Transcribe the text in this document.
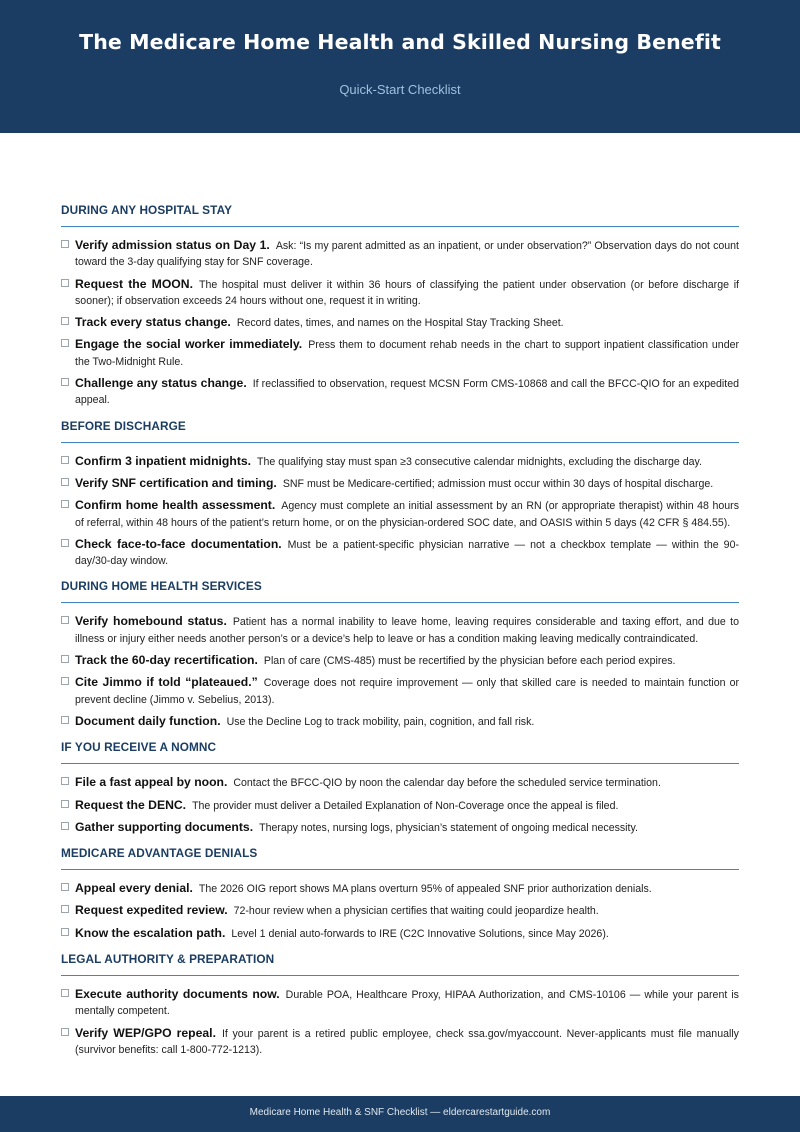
The Medicare Home Health and Skilled Nursing Benefit
Quick-Start Checklist
DURING ANY HOSPITAL STAY
Verify admission status on Day 1. Ask: “Is my parent admitted as an inpatient, or under observation?” Observation days do not count toward the 3-day qualifying stay for SNF coverage.
Request the MOON. The hospital must deliver it within 36 hours of classifying the patient under observation (or before discharge if sooner); if observation exceeds 24 hours without one, request it in writing.
Track every status change. Record dates, times, and names on the Hospital Stay Tracking Sheet.
Engage the social worker immediately. Press them to document rehab needs in the chart to support inpatient classification under the Two-Midnight Rule.
Challenge any status change. If reclassified to observation, request MCSN Form CMS-10868 and call the BFCC-QIO for an expedited appeal.
BEFORE DISCHARGE
Confirm 3 inpatient midnights. The qualifying stay must span ≥3 consecutive calendar midnights, excluding the discharge day.
Verify SNF certification and timing. SNF must be Medicare-certified; admission must occur within 30 days of hospital discharge.
Confirm home health assessment. Agency must complete an initial assessment by an RN (or appropriate therapist) within 48 hours of referral, within 48 hours of the patient’s return home, or on the physician-ordered SOC date, and OASIS within 5 days (42 CFR § 484.55).
Check face-to-face documentation. Must be a patient-specific physician narrative — not a checkbox template — within the 90-day/30-day window.
DURING HOME HEALTH SERVICES
Verify homebound status. Patient has a normal inability to leave home, leaving requires considerable and taxing effort, and due to illness or injury either needs another person’s or a device’s help to leave or has a condition making leaving medically contraindicated.
Track the 60-day recertification. Plan of care (CMS-485) must be recertified by the physician before each period expires.
Cite Jimmo if told “plateaued.” Coverage does not require improvement — only that skilled care is needed to maintain function or prevent decline (Jimmo v. Sebelius, 2013).
Document daily function. Use the Decline Log to track mobility, pain, cognition, and fall risk.
IF YOU RECEIVE A NOMNC
File a fast appeal by noon. Contact the BFCC-QIO by noon the calendar day before the scheduled service termination.
Request the DENC. The provider must deliver a Detailed Explanation of Non-Coverage once the appeal is filed.
Gather supporting documents. Therapy notes, nursing logs, physician’s statement of ongoing medical necessity.
MEDICARE ADVANTAGE DENIALS
Appeal every denial. The 2026 OIG report shows MA plans overturn 95% of appealed SNF prior authorization denials.
Request expedited review. 72-hour review when a physician certifies that waiting could jeopardize health.
Know the escalation path. Level 1 denial auto-forwards to IRE (C2C Innovative Solutions, since May 2026).
LEGAL AUTHORITY & PREPARATION
Execute authority documents now. Durable POA, Healthcare Proxy, HIPAA Authorization, and CMS-10106 — while your parent is mentally competent.
Verify WEP/GPO repeal. If your parent is a retired public employee, check ssa.gov/myaccount. Never-applicants must file manually (survivor benefits: call 1-800-772-1213).
Medicare Home Health & SNF Checklist — eldercarestartguide.com
